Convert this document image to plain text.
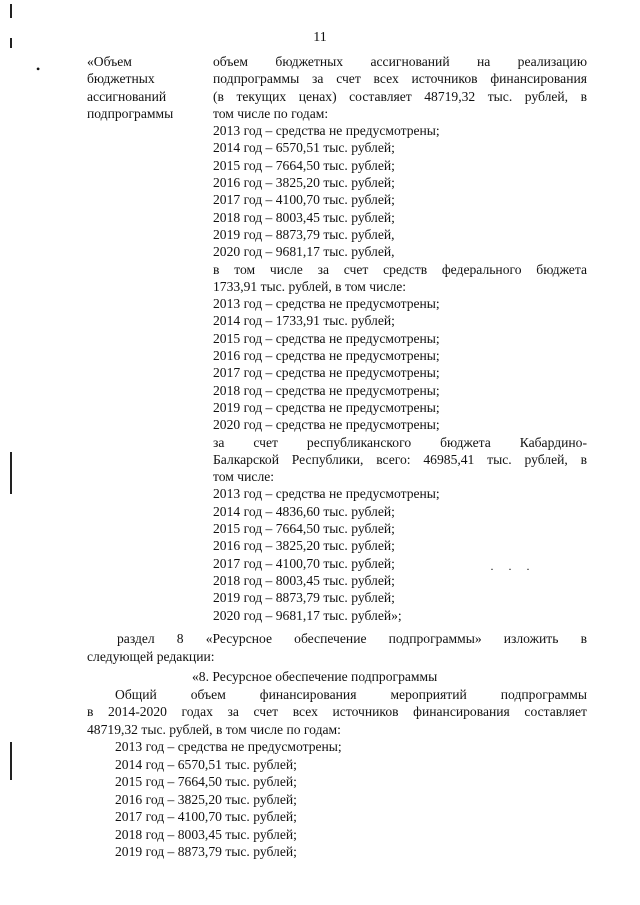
11
•
···
«Объем
бюджетных
ассигнований
подпрограммы
объем бюджетных ассигнований на реализацию
подпрограммы за счет всех источников финансирования
(в текущих ценах) составляет 48719,32 тыс. рублей, в
том числе по годам:
2013 год – средства не предусмотрены;
2014 год – 6570,51 тыс. рублей;
2015 год – 7664,50 тыс. рублей;
2016 год – 3825,20 тыс. рублей;
2017 год – 4100,70 тыс. рублей;
2018 год – 8003,45 тыс. рублей;
2019 год – 8873,79 тыс. рублей,
2020 год – 9681,17 тыс. рублей,
в том числе за счет средств федерального бюджета
1733,91 тыс. рублей, в том числе:
2013 год – средства не предусмотрены;
2014 год – 1733,91 тыс. рублей;
2015 год – средства не предусмотрены;
2016 год – средства не предусмотрены;
2017 год – средства не предусмотрены;
2018 год – средства не предусмотрены;
2019 год – средства не предусмотрены;
2020 год – средства не предусмотрены;
за счет республиканского бюджета Кабардино-
Балкарской Республики, всего: 46985,41 тыс. рублей, в
том числе:
2013 год – средства не предусмотрены;
2014 год – 4836,60 тыс. рублей;
2015 год – 7664,50 тыс. рублей;
2016 год – 3825,20 тыс. рублей;
2017 год – 4100,70 тыс. рублей;
2018 год – 8003,45 тыс. рублей;
2019 год – 8873,79 тыс. рублей;
2020 год – 9681,17 тыс. рублей»;
раздел 8 «Ресурсное обеспечение подпрограммы» изложить в
следующей редакции:
«8. Ресурсное обеспечение подпрограммы
Общий объем финансирования мероприятий подпрограммы
в 2014-2020 годах за счет всех источников финансирования составляет
48719,32 тыс. рублей, в том числе по годам:
2013 год – средства не предусмотрены;
2014 год – 6570,51 тыс. рублей;
2015 год – 7664,50 тыс. рублей;
2016 год – 3825,20 тыс. рублей;
2017 год – 4100,70 тыс. рублей;
2018 год – 8003,45 тыс. рублей;
2019 год – 8873,79 тыс. рублей;
